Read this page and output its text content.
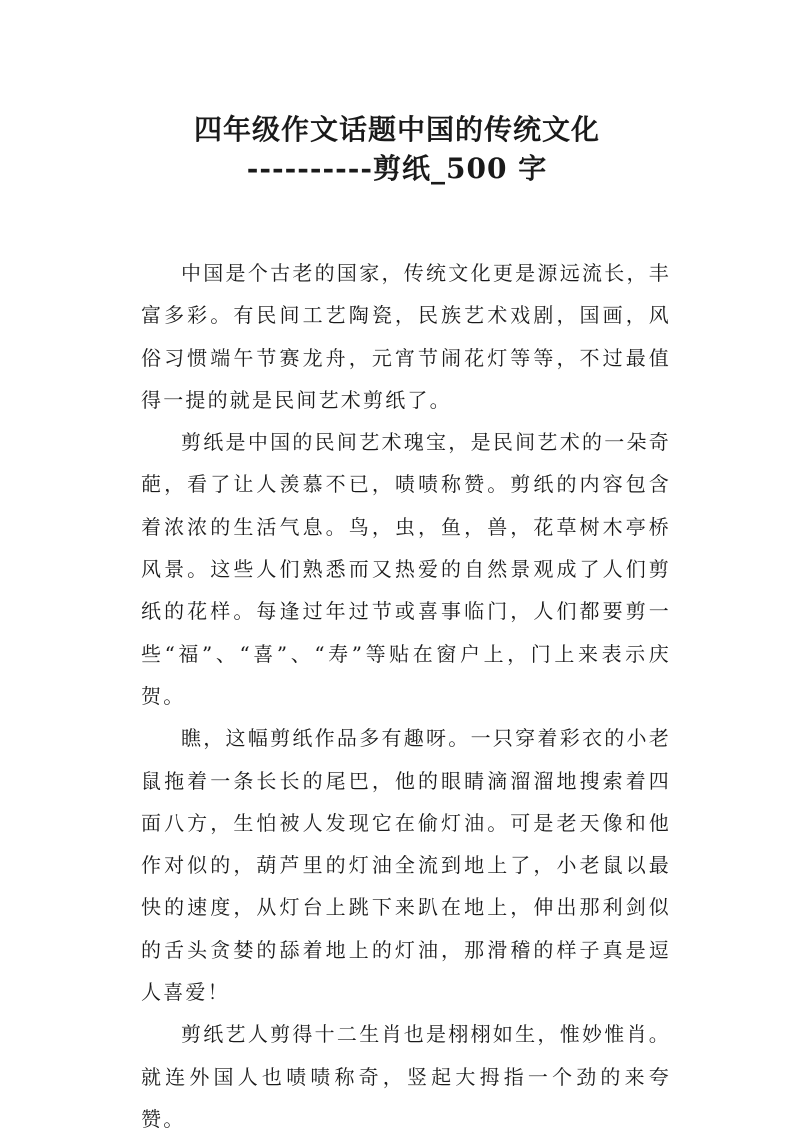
四年级作文话题中国的传统文化
----------剪纸_500 字

中国是个古老的国家，传统文化更是源远流长，丰富多彩。有民间工艺陶瓷，民族艺术戏剧，国画，风俗习惯端午节赛龙舟，元宵节闹花灯等等，不过最值得一提的就是民间艺术剪纸了。

剪纸是中国的民间艺术瑰宝，是民间艺术的一朵奇葩，看了让人羡慕不已，啧啧称赞。剪纸的内容包含着浓浓的生活气息。鸟，虫，鱼，兽，花草树木亭桥风景。这些人们熟悉而又热爱的自然景观成了人们剪纸的花样。每逢过年过节或喜事临门，人们都要剪一些“福”、“喜”、“寿”等贴在窗户上，门上来表示庆贺。

瞧，这幅剪纸作品多有趣呀。一只穿着彩衣的小老鼠拖着一条长长的尾巴，他的眼睛滴溜溜地搜索着四面八方，生怕被人发现它在偷灯油。可是老天像和他作对似的，葫芦里的灯油全流到地上了，小老鼠以最快的速度，从灯台上跳下来趴在地上，伸出那利剑似的舌头贪婪的舔着地上的灯油，那滑稽的样子真是逗人喜爱！

剪纸艺人剪得十二生肖也是栩栩如生，惟妙惟肖。就连外国人也啧啧称奇，竖起大拇指一个劲的来夸赞。
